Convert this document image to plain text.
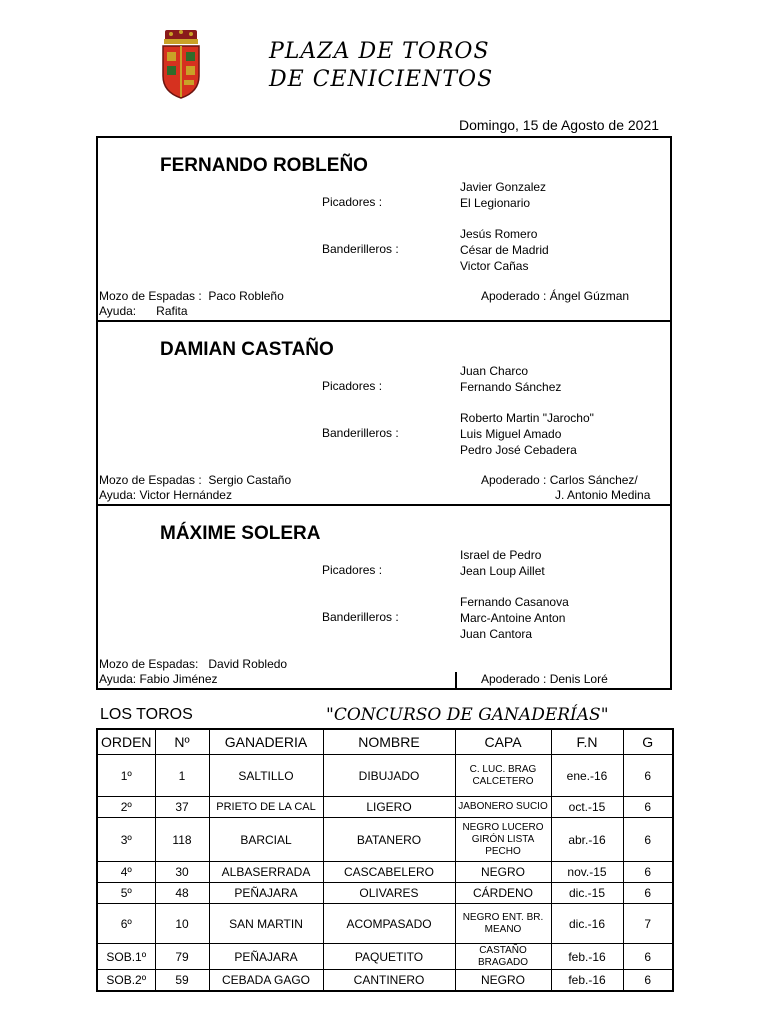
PLAZA DE TOROS
DE CENICIENTOS
Domingo, 15 de Agosto de 2021
FERNANDO ROBLEÑO
Javier Gonzalez
Picadores :	El Legionario
Jesús Romero
Banderilleros :	César de Madrid
Victor Cañas
Mozo de Espadas :  Paco Robleño	Apoderado : Ángel Gúzman
Ayuda:      Rafita
DAMIAN CASTAÑO
Juan Charco
Picadores :	Fernando Sánchez
Roberto Martin "Jarocho"
Banderilleros :	Luis Miguel Amado
Pedro José Cebadera
Mozo de Espadas :  Sergio Castaño	Apoderado : Carlos Sánchez/
Ayuda: Victor Hernández	J. Antonio Medina
MÁXIME SOLERA
Israel de Pedro
Picadores :	Jean Loup Aillet
Fernando Casanova
Banderilleros :	Marc-Antoine Anton
Juan Cantora
Mozo de Espadas:   David Robledo
Ayuda: Fabio Jiménez	Apoderado : Denis Loré
LOS TOROS	"CONCURSO DE GANADERÍAS"
ORDEN	Nº	GANADERIA	NOMBRE	CAPA	F.N	G
1º	1	SALTILLO	DIBUJADO	C. LUC. BRAG CALCETERO	ene.-16	6
2º	37	PRIETO DE LA CAL	LIGERO	JABONERO SUCIO	oct.-15	6
3º	118	BARCIAL	BATANERO	NEGRO LUCERO GIRÓN LISTA PECHO	abr.-16	6
4º	30	ALBASERRADA	CASCABELERO	NEGRO	nov.-15	6
5º	48	PEÑAJARA	OLIVARES	CÁRDENO	dic.-15	6
6º	10	SAN MARTIN	ACOMPASADO	NEGRO ENT. BR. MEANO	dic.-16	7
SOB.1º	79	PEÑAJARA	PAQUETITO	CASTAÑO BRAGADO	feb.-16	6
SOB.2º	59	CEBADA GAGO	CANTINERO	NEGRO	feb.-16	6
